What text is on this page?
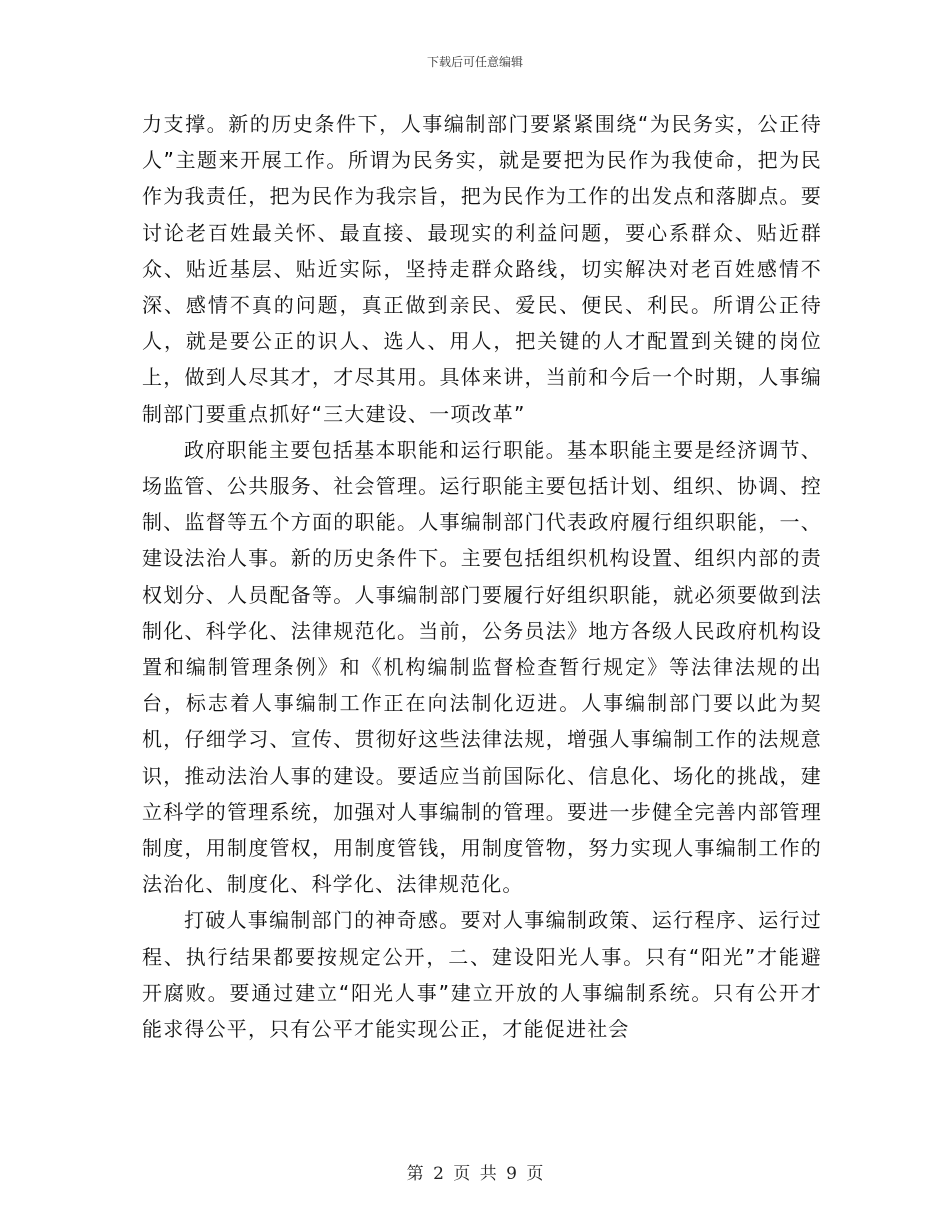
下载后可任意编辑

力支撑。新的历史条件下，人事编制部门要紧紧围绕“为民务实，公正待人”主题来开展工作。所谓为民务实，就是要把为民作为我使命，把为民作为我责任，把为民作为我宗旨，把为民作为工作的出发点和落脚点。要讨论老百姓最关怀、最直接、最现实的利益问题，要心系群众、贴近群众、贴近基层、贴近实际，坚持走群众路线，切实解决对老百姓感情不深、感情不真的问题，真正做到亲民、爱民、便民、利民。所谓公正待人，就是要公正的识人、选人、用人，把关键的人才配置到关键的岗位上，做到人尽其才，才尽其用。具体来讲，当前和今后一个时期，人事编制部门要重点抓好“三大建设、一项改革”

政府职能主要包括基本职能和运行职能。基本职能主要是经济调节、场监管、公共服务、社会管理。运行职能主要包括计划、组织、协调、控制、监督等五个方面的职能。人事编制部门代表政府履行组织职能，一、建设法治人事。新的历史条件下。主要包括组织机构设置、组织内部的责权划分、人员配备等。人事编制部门要履行好组织职能，就必须要做到法制化、科学化、法律规范化。当前，公务员法》地方各级人民政府机构设置和编制管理条例》和《机构编制监督检查暂行规定》等法律法规的出台，标志着人事编制工作正在向法制化迈进。人事编制部门要以此为契机，仔细学习、宣传、贯彻好这些法律法规，增强人事编制工作的法规意识，推动法治人事的建设。要适应当前国际化、信息化、场化的挑战，建立科学的管理系统，加强对人事编制的管理。要进一步健全完善内部管理制度，用制度管权，用制度管钱，用制度管物，努力实现人事编制工作的法治化、制度化、科学化、法律规范化。

打破人事编制部门的神奇感。要对人事编制政策、运行程序、运行过程、执行结果都要按规定公开，二、建设阳光人事。只有“阳光”才能避开腐败。要通过建立“阳光人事”建立开放的人事编制系统。只有公开才能求得公平，只有公平才能实现公正，才能促进社会

第 2 页 共 9 页
